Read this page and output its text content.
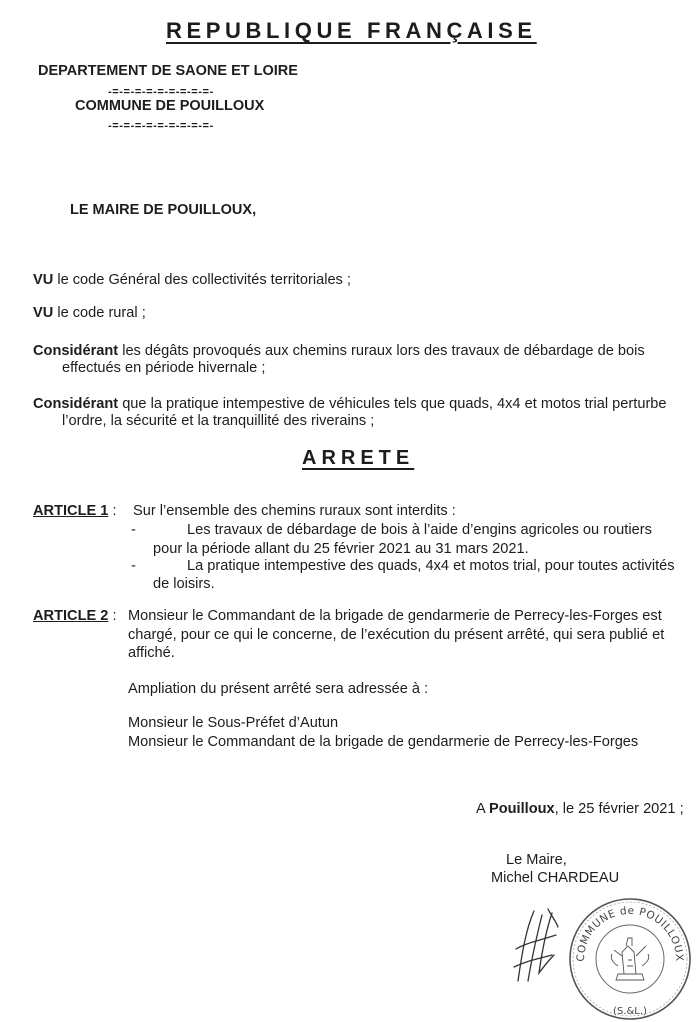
REPUBLIQUE FRANÇAISE
DEPARTEMENT DE SAONE ET LOIRE
-=-=-=-=-=-=-=-=-=-
COMMUNE DE POUILLOUX
-=-=-=-=-=-=-=-=-=-
LE MAIRE DE POUILLOUX,
VU le code Général des collectivités territoriales ;
VU le code rural ;
Considérant les dégâts provoqués aux chemins ruraux lors des travaux de débardage de bois
effectués en période hivernale ;
Considérant que la pratique intempestive de véhicules tels que quads, 4x4 et motos trial perturbe
l’ordre, la sécurité et la tranquillité des riverains ;
ARRETE
ARTICLE 1 : Sur l’ensemble des chemins ruraux sont interdits :
-	Les travaux de débardage de bois à l’aide d’engins agricoles ou routiers
pour la période allant du 25 février 2021 au 31 mars 2021.
-	La pratique intempestive des quads, 4x4 et motos trial, pour toutes activités
de loisirs.
ARTICLE 2 : Monsieur le Commandant de la brigade de gendarmerie de Perrecy-les-Forges est
chargé, pour ce qui le concerne, de l’exécution du présent arrêté, qui sera publié et
affiché.
Ampliation du présent arrêté sera adressée à :
Monsieur le Sous-Préfet d’Autun
Monsieur le Commandant de la brigade de gendarmerie de Perrecy-les-Forges
A Pouilloux, le 25 février 2021 ;
Le Maire,
Michel CHARDEAU
COMMUNE de POUILLOUX
(S.&L.)
